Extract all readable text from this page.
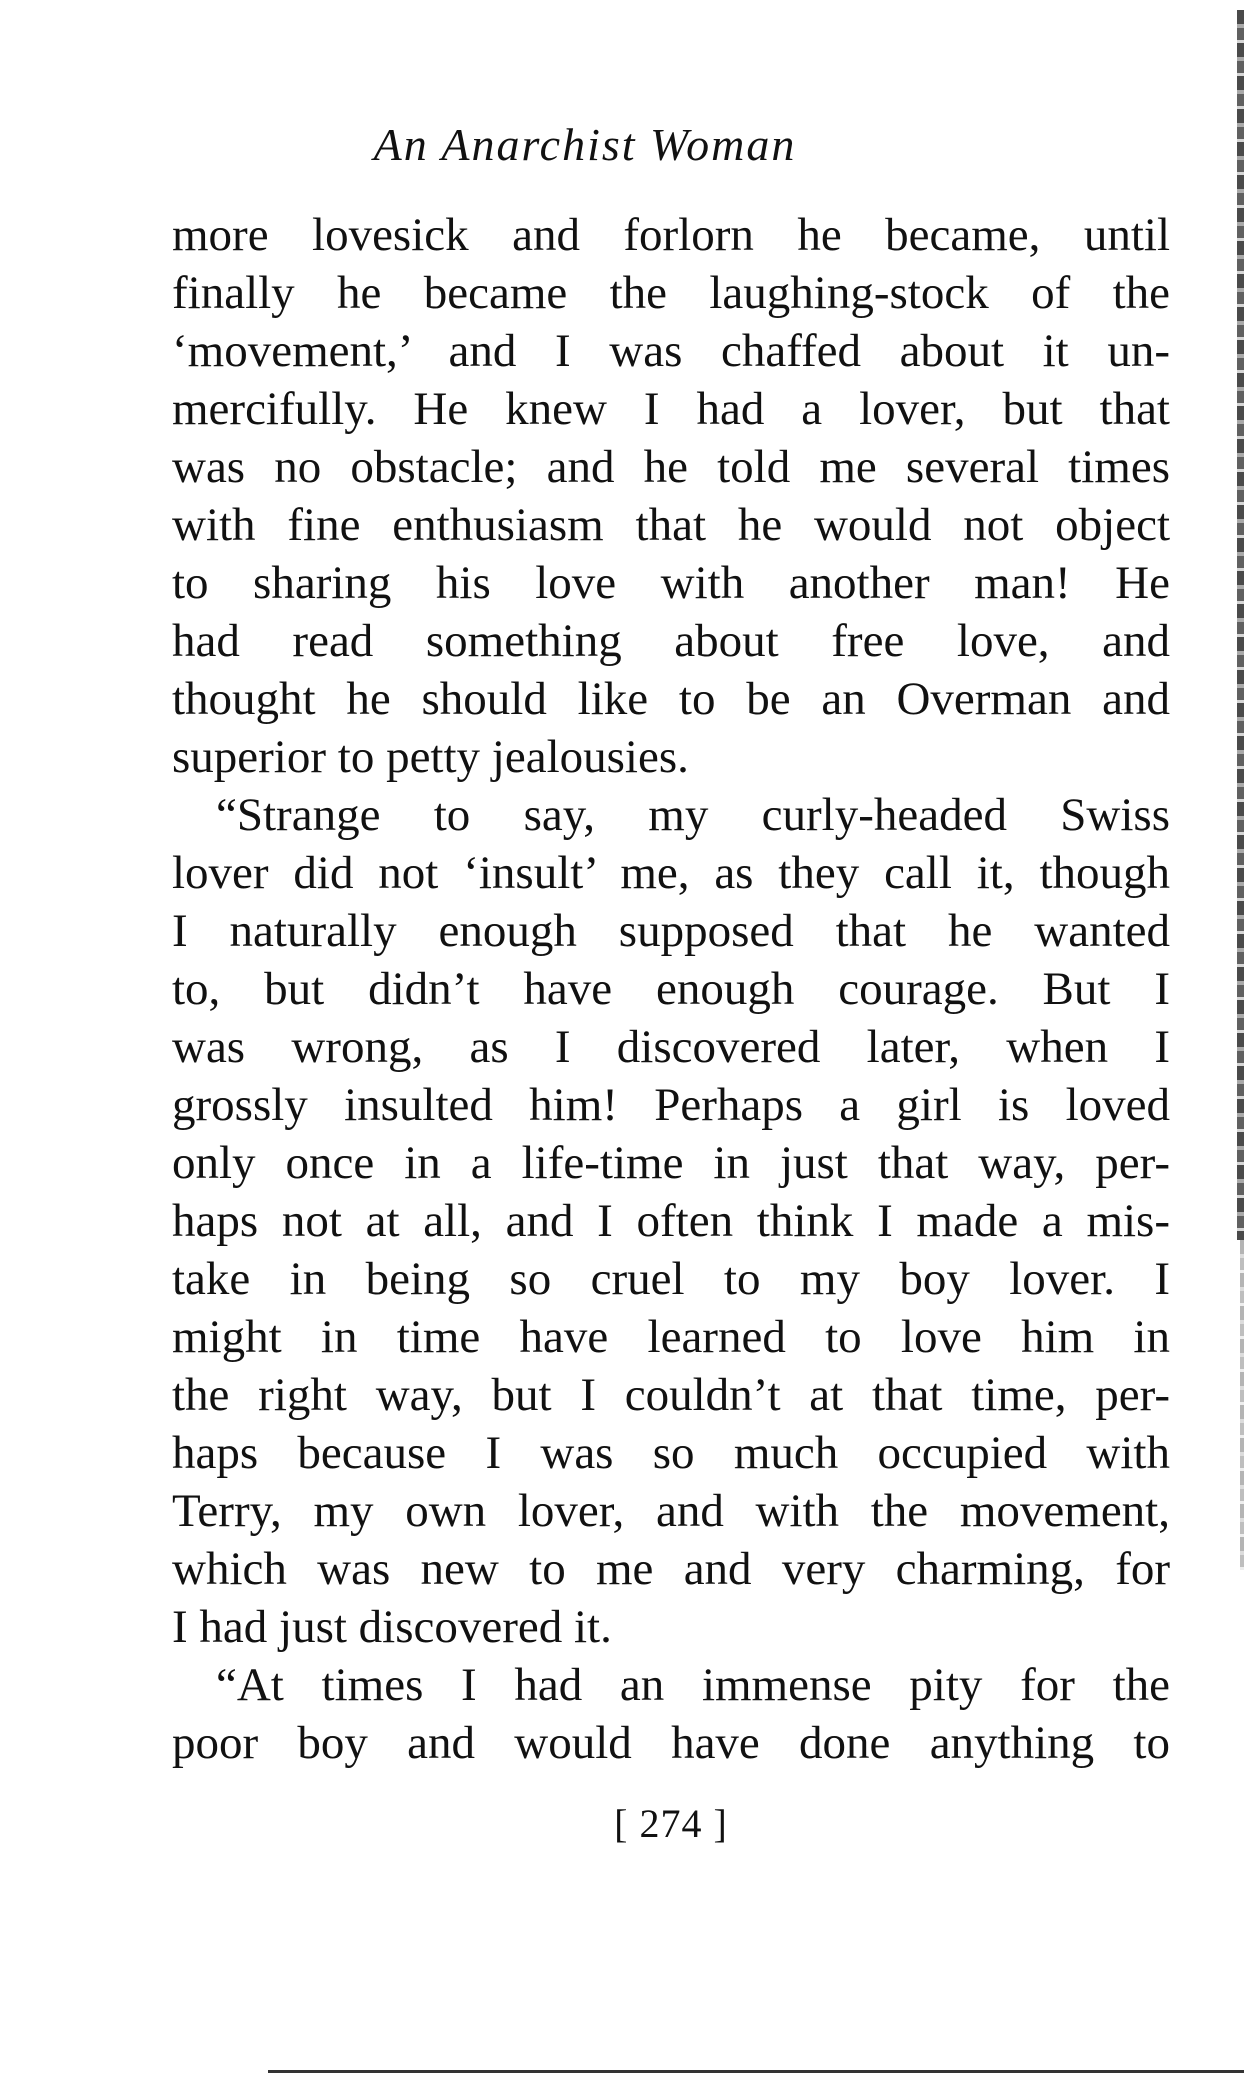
An Anarchist Woman
more lovesick and forlorn he became, until
finally he became the laughing-stock of the
‘movement,’ and I was chaffed about it un-
mercifully. He knew I had a lover, but that
was no obstacle; and he told me several times
with fine enthusiasm that he would not object
to sharing his love with another man! He
had read something about free love, and
thought he should like to be an Overman and
superior to petty jealousies.
“Strange to say, my curly-headed Swiss
lover did not ‘insult’ me, as they call it, though
I naturally enough supposed that he wanted
to, but didn’t have enough courage. But I
was wrong, as I discovered later, when I
grossly insulted him! Perhaps a girl is loved
only once in a life-time in just that way, per-
haps not at all, and I often think I made a mis-
take in being so cruel to my boy lover. I
might in time have learned to love him in
the right way, but I couldn’t at that time, per-
haps because I was so much occupied with
Terry, my own lover, and with the movement,
which was new to me and very charming, for
I had just discovered it.
“At times I had an immense pity for the
poor boy and would have done anything to
[ 274 ]
